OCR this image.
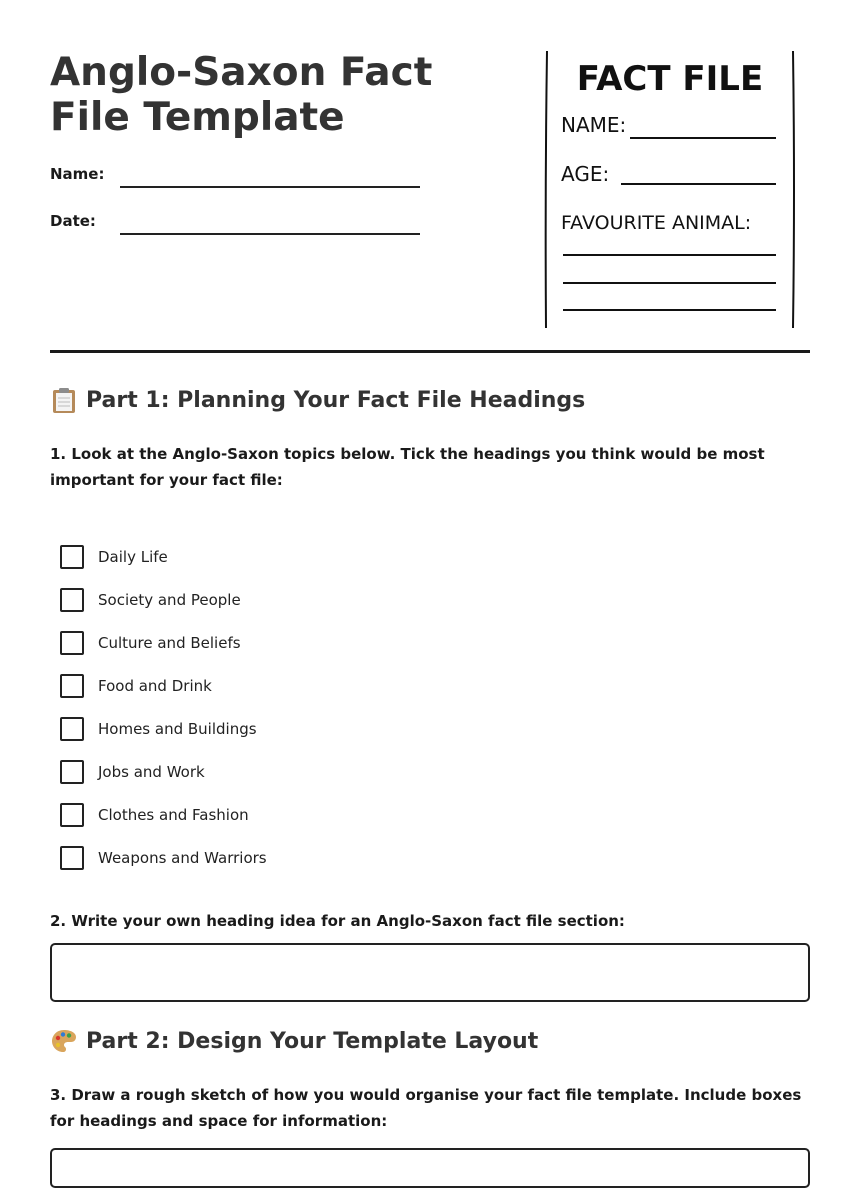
Anglo-Saxon Fact File Template
Name:
Date:
FACT FILE
NAME:
AGE:
FAVOURITE ANIMAL:
Part 1: Planning Your Fact File Headings

1. Look at the Anglo-Saxon topics below. Tick the headings you think would be most important for your fact file:

Daily Life
Society and People
Culture and Beliefs
Food and Drink
Homes and Buildings
Jobs and Work
Clothes and Fashion
Weapons and Warriors

2. Write your own heading idea for an Anglo-Saxon fact file section:

Part 2: Design Your Template Layout

3. Draw a rough sketch of how you would organise your fact file template. Include boxes for headings and space for information:
